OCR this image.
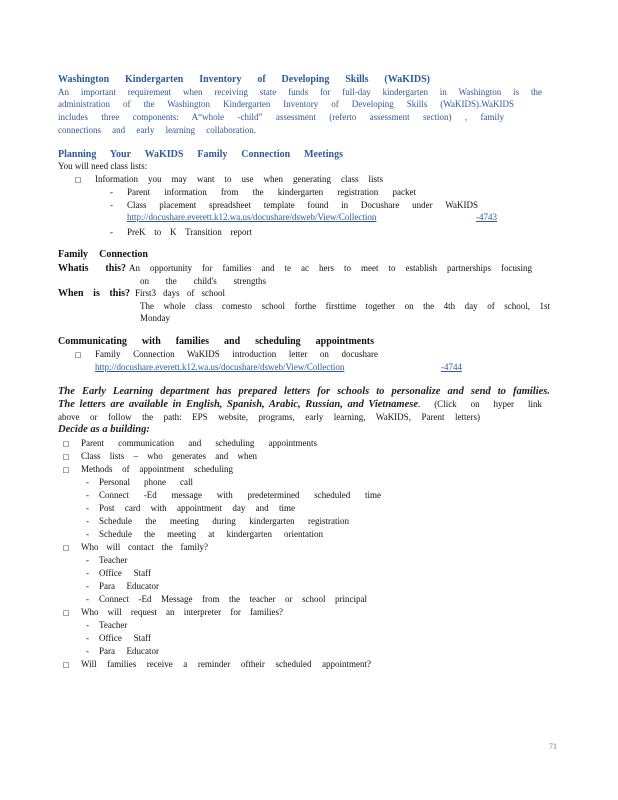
Washington Kindergarten Inventory of Developing Skills (WaKIDS)
An important requirement when receiving state funds for full-day kindergarten in Washington is the
administration of the Washington Kindergarten Inventory of Developing Skills (WaKIDS).WaKIDS
includes three components: A“whole -child” assessment (referto assessment section) , family
connections and early learning collaboration.
Planning Your WaKIDS Family Connection Meetings
You will need class lists:
□ Information you may want to use when generating class lists
- Parent information from the kindergarten registration packet
- Class placement spreadsheet template found in Docushare under WaKIDS
http://docushare.everett.k12.wa.us/docushare/dsweb/View/Collection	-4743
- PreK to K Transition report
Family Connection
Whatis this? An opportunity for families and te ac hers to meet to establish partnerships focusing
on the child's strengths
When is this? First3 days of school
The whole class comesto school forthe firsttime together on the 4th day of school, 1st
Monday
Communicating with families and scheduling appointments
□ Family Connection WaKIDS introduction letter on docushare
http://docushare.everett.k12.wa.us/docushare/dsweb/View/Collection	-4744
The Early Learning department has prepared letters for schools to personalize and send to families.
The letters are available in English, Spanish, Arabic, Russian, and Vietnamese . (Click on hyper link
above or follow the path: EPS website, programs, early learning, WaKIDS, Parent letters)
Decide as a building:
□ Parent communication and scheduling appointments
□ Class lists – who generates and when
□ Methods of appointment scheduling
- Personal phone call
- Connect -Ed message with predetermined scheduled time
- Post card with appointment day and time
- Schedule the meeting during kindergarten registration
- Schedule the meeting at kindergarten orientation
□ Who will contact the family?
- Teacher
- Office Staff
- Para Educator
- Connect -Ed Message from the teacher or school principal
□ Who will request an interpreter for families?
- Teacher
- Office Staff
- Para Educator
□ Will families receive a reminder oftheir scheduled appointment?
71
